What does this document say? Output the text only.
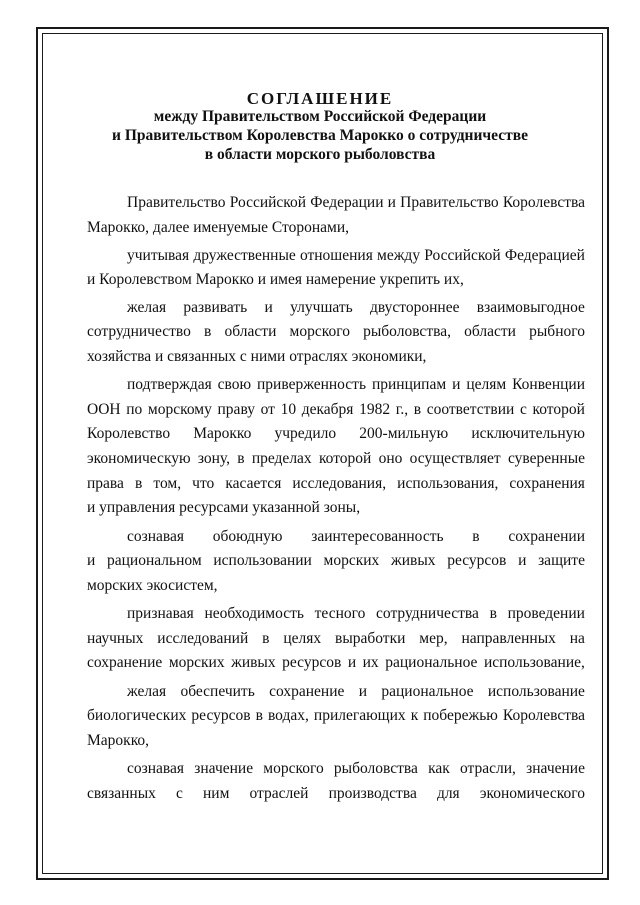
СОГЛАШЕНИЕ
между Правительством Российской Федерации
и Правительством Королевства Марокко о сотрудничестве
в области морского рыболовства
Правительство Российской Федерации и Правительство Королевства
Марокко, далее именуемые Сторонами,
учитывая дружественные отношения между Российской Федерацией
и Королевством Марокко и имея намерение укрепить их,
желая развивать и улучшать двустороннее взаимовыгодное
сотрудничество в области морского рыболовства, области рыбного
хозяйства и связанных с ними отраслях экономики,
подтверждая свою приверженность принципам и целям Конвенции
ООН по морскому праву от 10 декабря 1982 г., в соответствии с которой
Королевство Марокко учредило 200-мильную исключительную
экономическую зону, в пределах которой оно осуществляет суверенные
права в том, что касается исследования, использования, сохранения
и управления ресурсами указанной зоны,
сознавая обоюдную заинтересованность в сохранении
и рациональном использовании морских живых ресурсов и защите
морских экосистем,
признавая необходимость тесного сотрудничества в проведении
научных исследований в целях выработки мер, направленных на
сохранение морских живых ресурсов и их рациональное использование,
желая обеспечить сохранение и рациональное использование
биологических ресурсов в водах, прилегающих к побережью Королевства
Марокко,
сознавая значение морского рыболовства как отрасли, значение
связанных с ним отраслей производства для экономического
